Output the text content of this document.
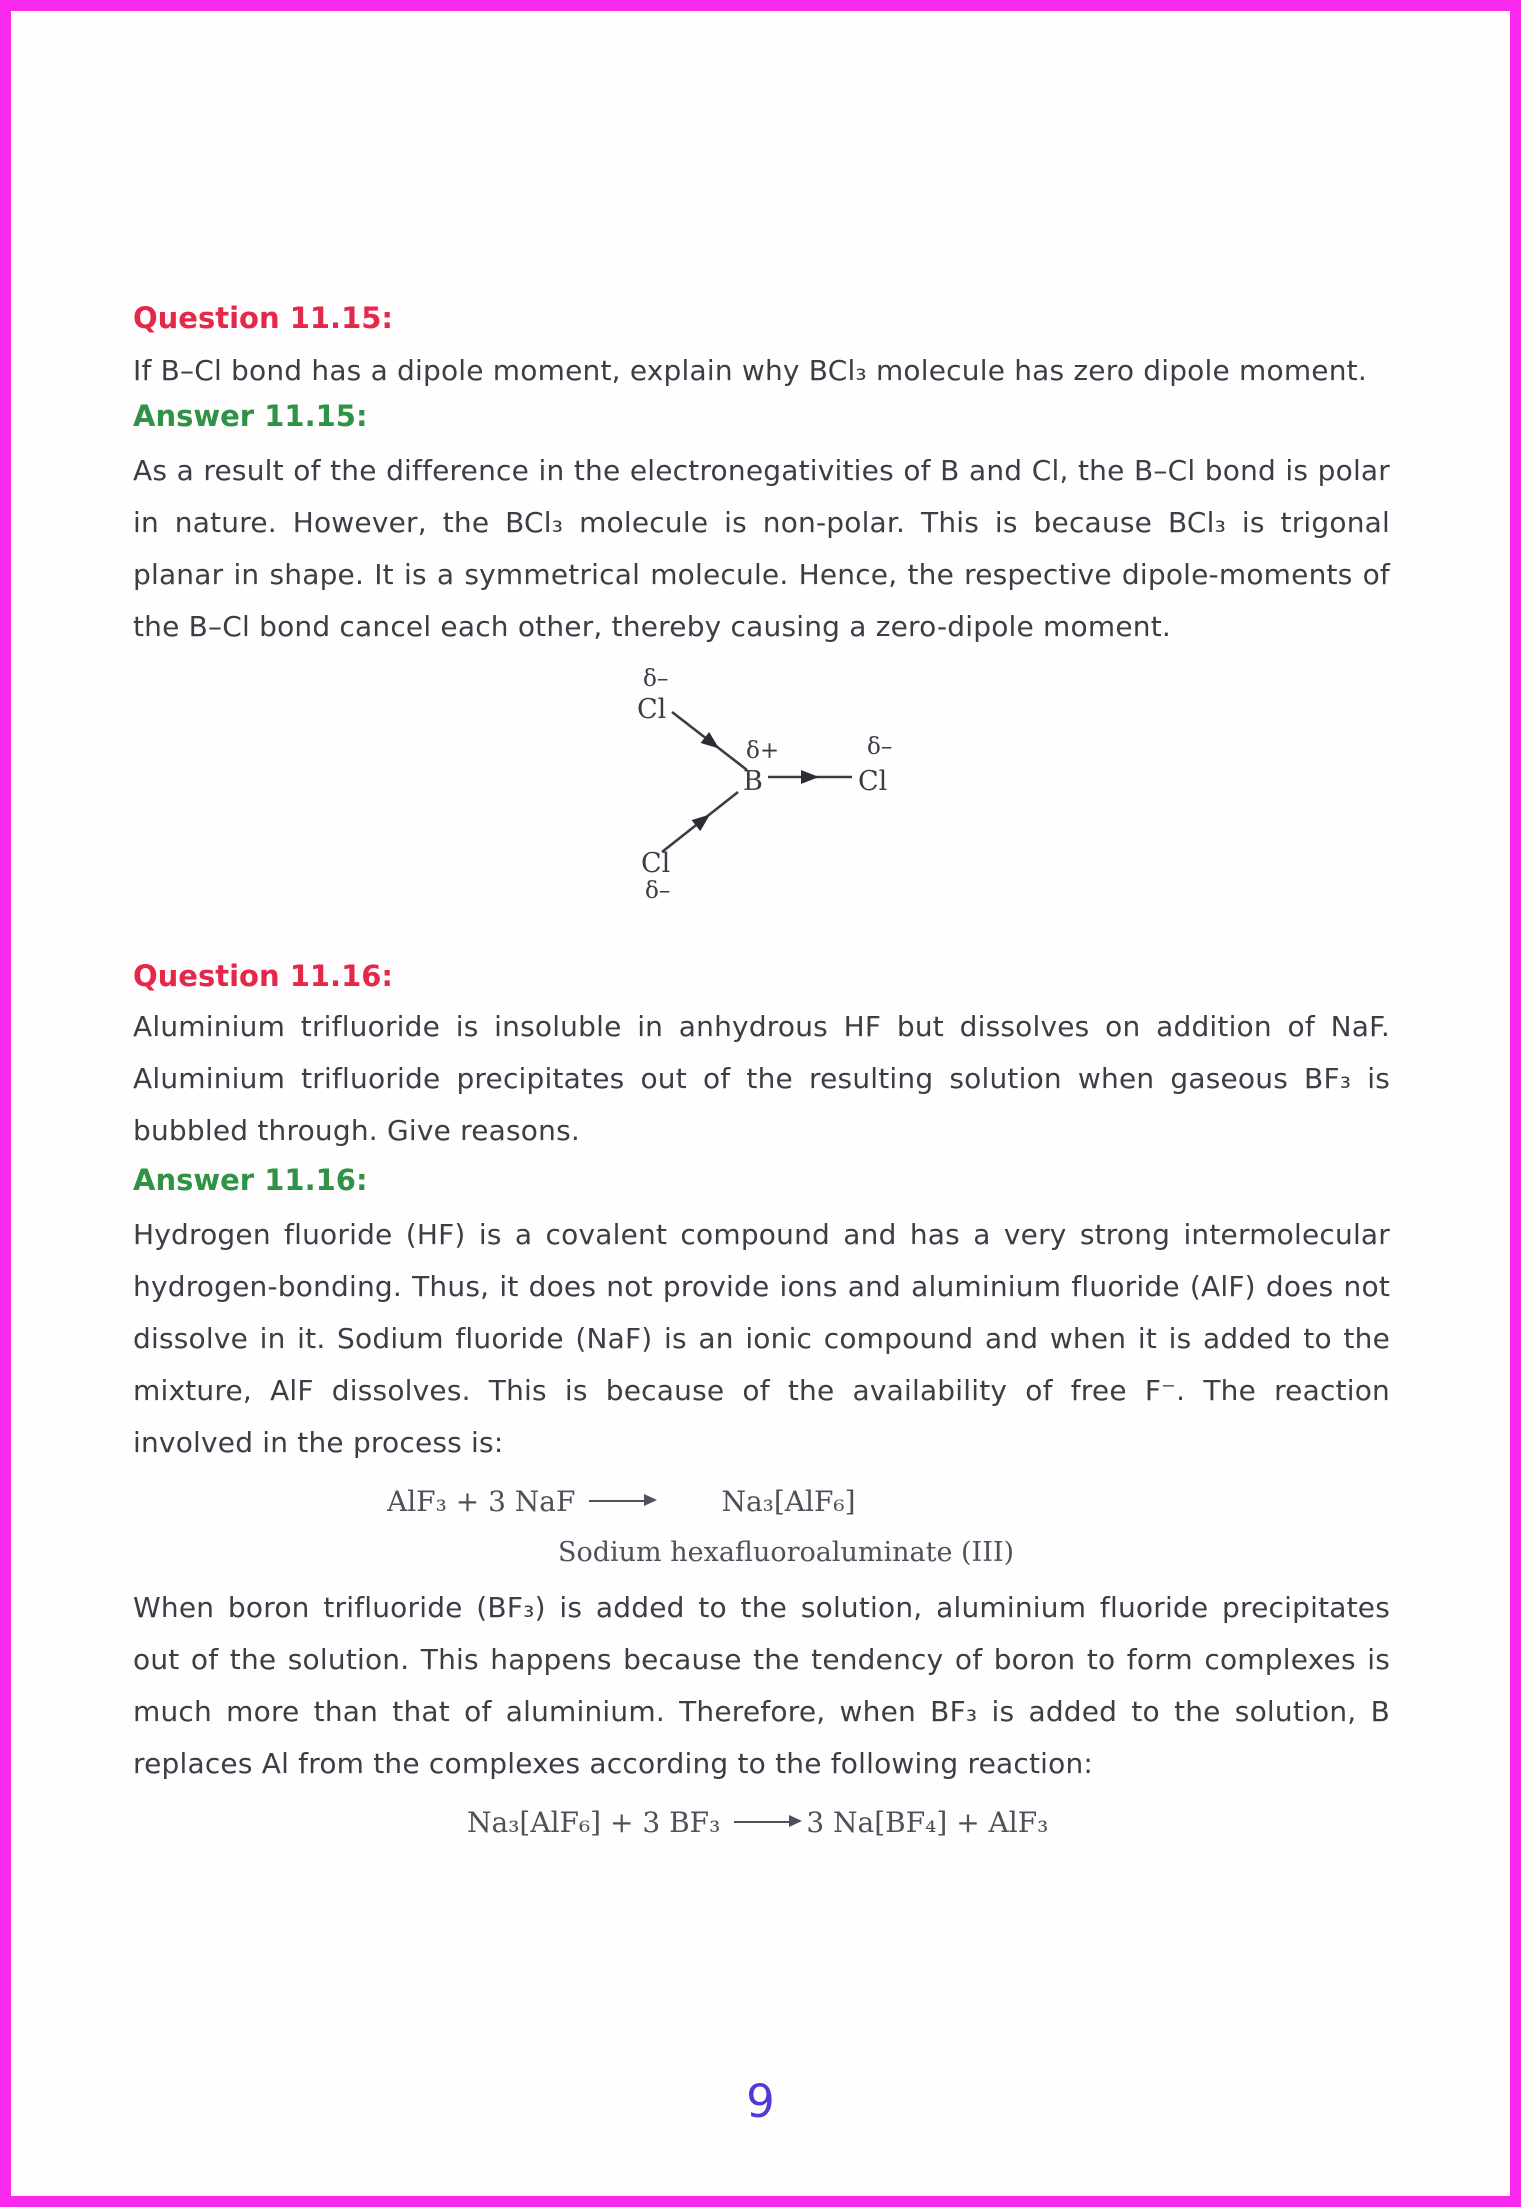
Question 11.15:

If B–Cl bond has a dipole moment, explain why BCl₃ molecule has zero dipole moment.

Answer 11.15:

As a result of the difference in the electronegativities of B and Cl, the B–Cl bond is polar in nature. However, the BCl₃ molecule is non-polar. This is because BCl₃ is trigonal planar in shape. It is a symmetrical molecule. Hence, the respective dipole-moments of the B–Cl bond cancel each other, thereby causing a zero-dipole moment.

δ–
Cl
δ+
B
δ–
Cl
Cl
δ–
Question 11.16:

Aluminium trifluoride is insoluble in anhydrous HF but dissolves on addition of NaF. Aluminium trifluoride precipitates out of the resulting solution when gaseous BF₃ is bubbled through. Give reasons.

Answer 11.16:

Hydrogen fluoride (HF) is a covalent compound and has a very strong intermolecular hydrogen-bonding. Thus, it does not provide ions and aluminium fluoride (AlF) does not dissolve in it. Sodium fluoride (NaF) is an ionic compound and when it is added to the mixture, AlF dissolves. This is because of the availability of free F⁻. The reaction involved in the process is:

AlF₃ + 3 NaF →	Na₃[AlF₆]
Sodium hexafluoroaluminate (III)

When boron trifluoride (BF₃) is added to the solution, aluminium fluoride precipitates out of the solution. This happens because the tendency of boron to form complexes is much more than that of aluminium. Therefore, when BF₃ is added to the solution, B replaces Al from the complexes according to the following reaction:

Na₃[AlF₆] + 3 BF₃ → 3 Na[BF₄] + AlF₃
9
